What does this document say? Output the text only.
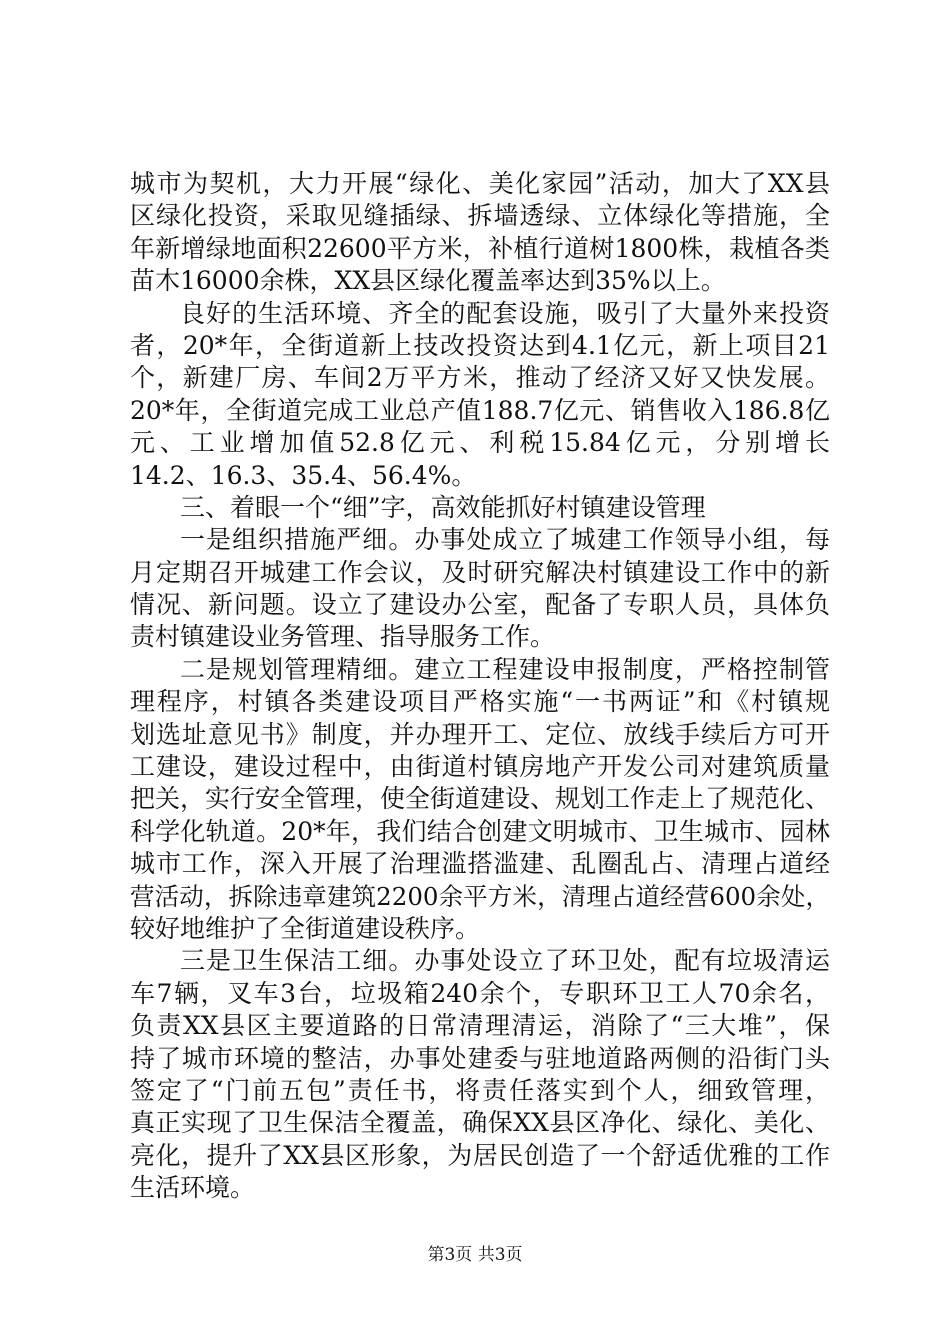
城市为契机，大力开展“绿化、美化家园”活动，加大了XX县
区绿化投资，采取见缝插绿、拆墙透绿、立体绿化等措施，全
年新增绿地面积22600平方米，补植行道树1800株，栽植各类
苗木16000余株，XX县区绿化覆盖率达到35%以上。
良好的生活环境、齐全的配套设施，吸引了大量外来投资
者，20*年，全街道新上技改投资达到4.1亿元，新上项目21
个，新建厂房、车间2万平方米，推动了经济又好又快发展。
20*年，全街道完成工业总产值188.7亿元、销售收入186.8亿
元、工业增加值52.8亿元、利税15.84亿元，分别增长
14.2、16.3、35.4、56.4%。
三、着眼一个“细”字，高效能抓好村镇建设管理
一是组织措施严细。办事处成立了城建工作领导小组，每
月定期召开城建工作会议，及时研究解决村镇建设工作中的新
情况、新问题。设立了建设办公室，配备了专职人员，具体负
责村镇建设业务管理、指导服务工作。
二是规划管理精细。建立工程建设申报制度，严格控制管
理程序，村镇各类建设项目严格实施“一书两证”和《村镇规
划选址意见书》制度，并办理开工、定位、放线手续后方可开
工建设，建设过程中，由街道村镇房地产开发公司对建筑质量
把关，实行安全管理，使全街道建设、规划工作走上了规范化、
科学化轨道。20*年，我们结合创建文明城市、卫生城市、园林
城市工作，深入开展了治理滥搭滥建、乱圈乱占、清理占道经
营活动，拆除违章建筑2200余平方米，清理占道经营600余处，
较好地维护了全街道建设秩序。
三是卫生保洁工细。办事处设立了环卫处，配有垃圾清运
车7辆，叉车3台，垃圾箱240余个，专职环卫工人70余名，
负责XX县区主要道路的日常清理清运，消除了“三大堆”，保
持了城市环境的整洁，办事处建委与驻地道路两侧的沿街门头
签定了“门前五包”责任书，将责任落实到个人，细致管理，
真正实现了卫生保洁全覆盖，确保XX县区净化、绿化、美化、
亮化，提升了XX县区形象，为居民创造了一个舒适优雅的工作
生活环境。
第3页 共3页
